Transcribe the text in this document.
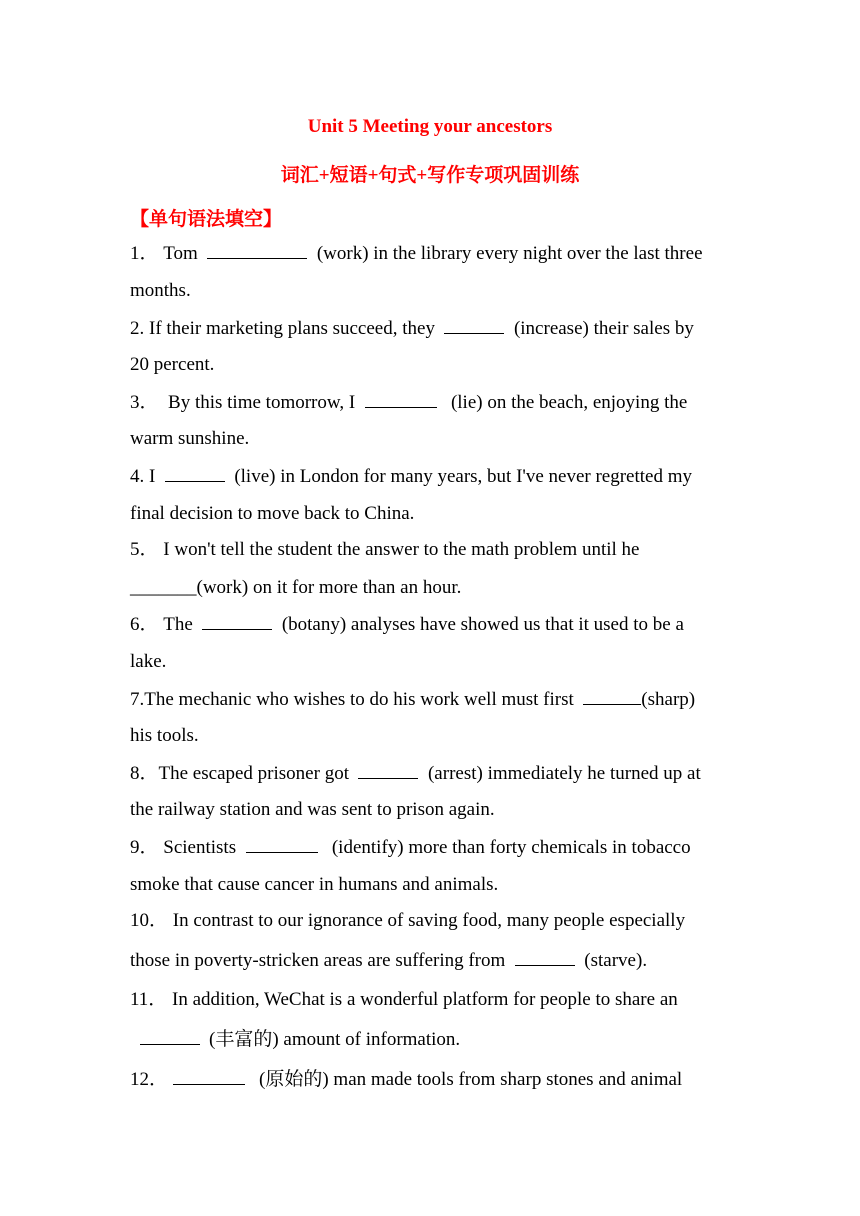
Unit 5 Meeting your ancestors
词汇+短语+句式+写作专项巩固训练
【单句语法填空】
1． Tom	(work) in the library every night over the last three
months.
2. If their marketing plans succeed, they	(increase) their sales by
20 percent.
3． By this time tomorrow, I	(lie) on the beach, enjoying the
warm sunshine.
4. I	(live) in London for many years, but I've never regretted my
final decision to move back to China.
5． I won't tell the student the answer to the math problem until he
_______(work) on it for more than an hour.
6． The	(botany) analyses have showed us that it used to be a
lake.
7.The mechanic who wishes to do his work well must first	(sharp)
his tools.
8．The escaped prisoner got	(arrest) immediately he turned up at
the railway station and was sent to prison again.
9． Scientists	(identify) more than forty chemicals in tobacco
smoke that cause cancer in humans and animals.
10． In contrast to our ignorance of saving food, many people especially
those in poverty-stricken areas are suffering from	(starve).
11． In addition, WeChat is a wonderful platform for people to share an
(丰富的) amount of information.
12．	(原始的) man made tools from sharp stones and animal
